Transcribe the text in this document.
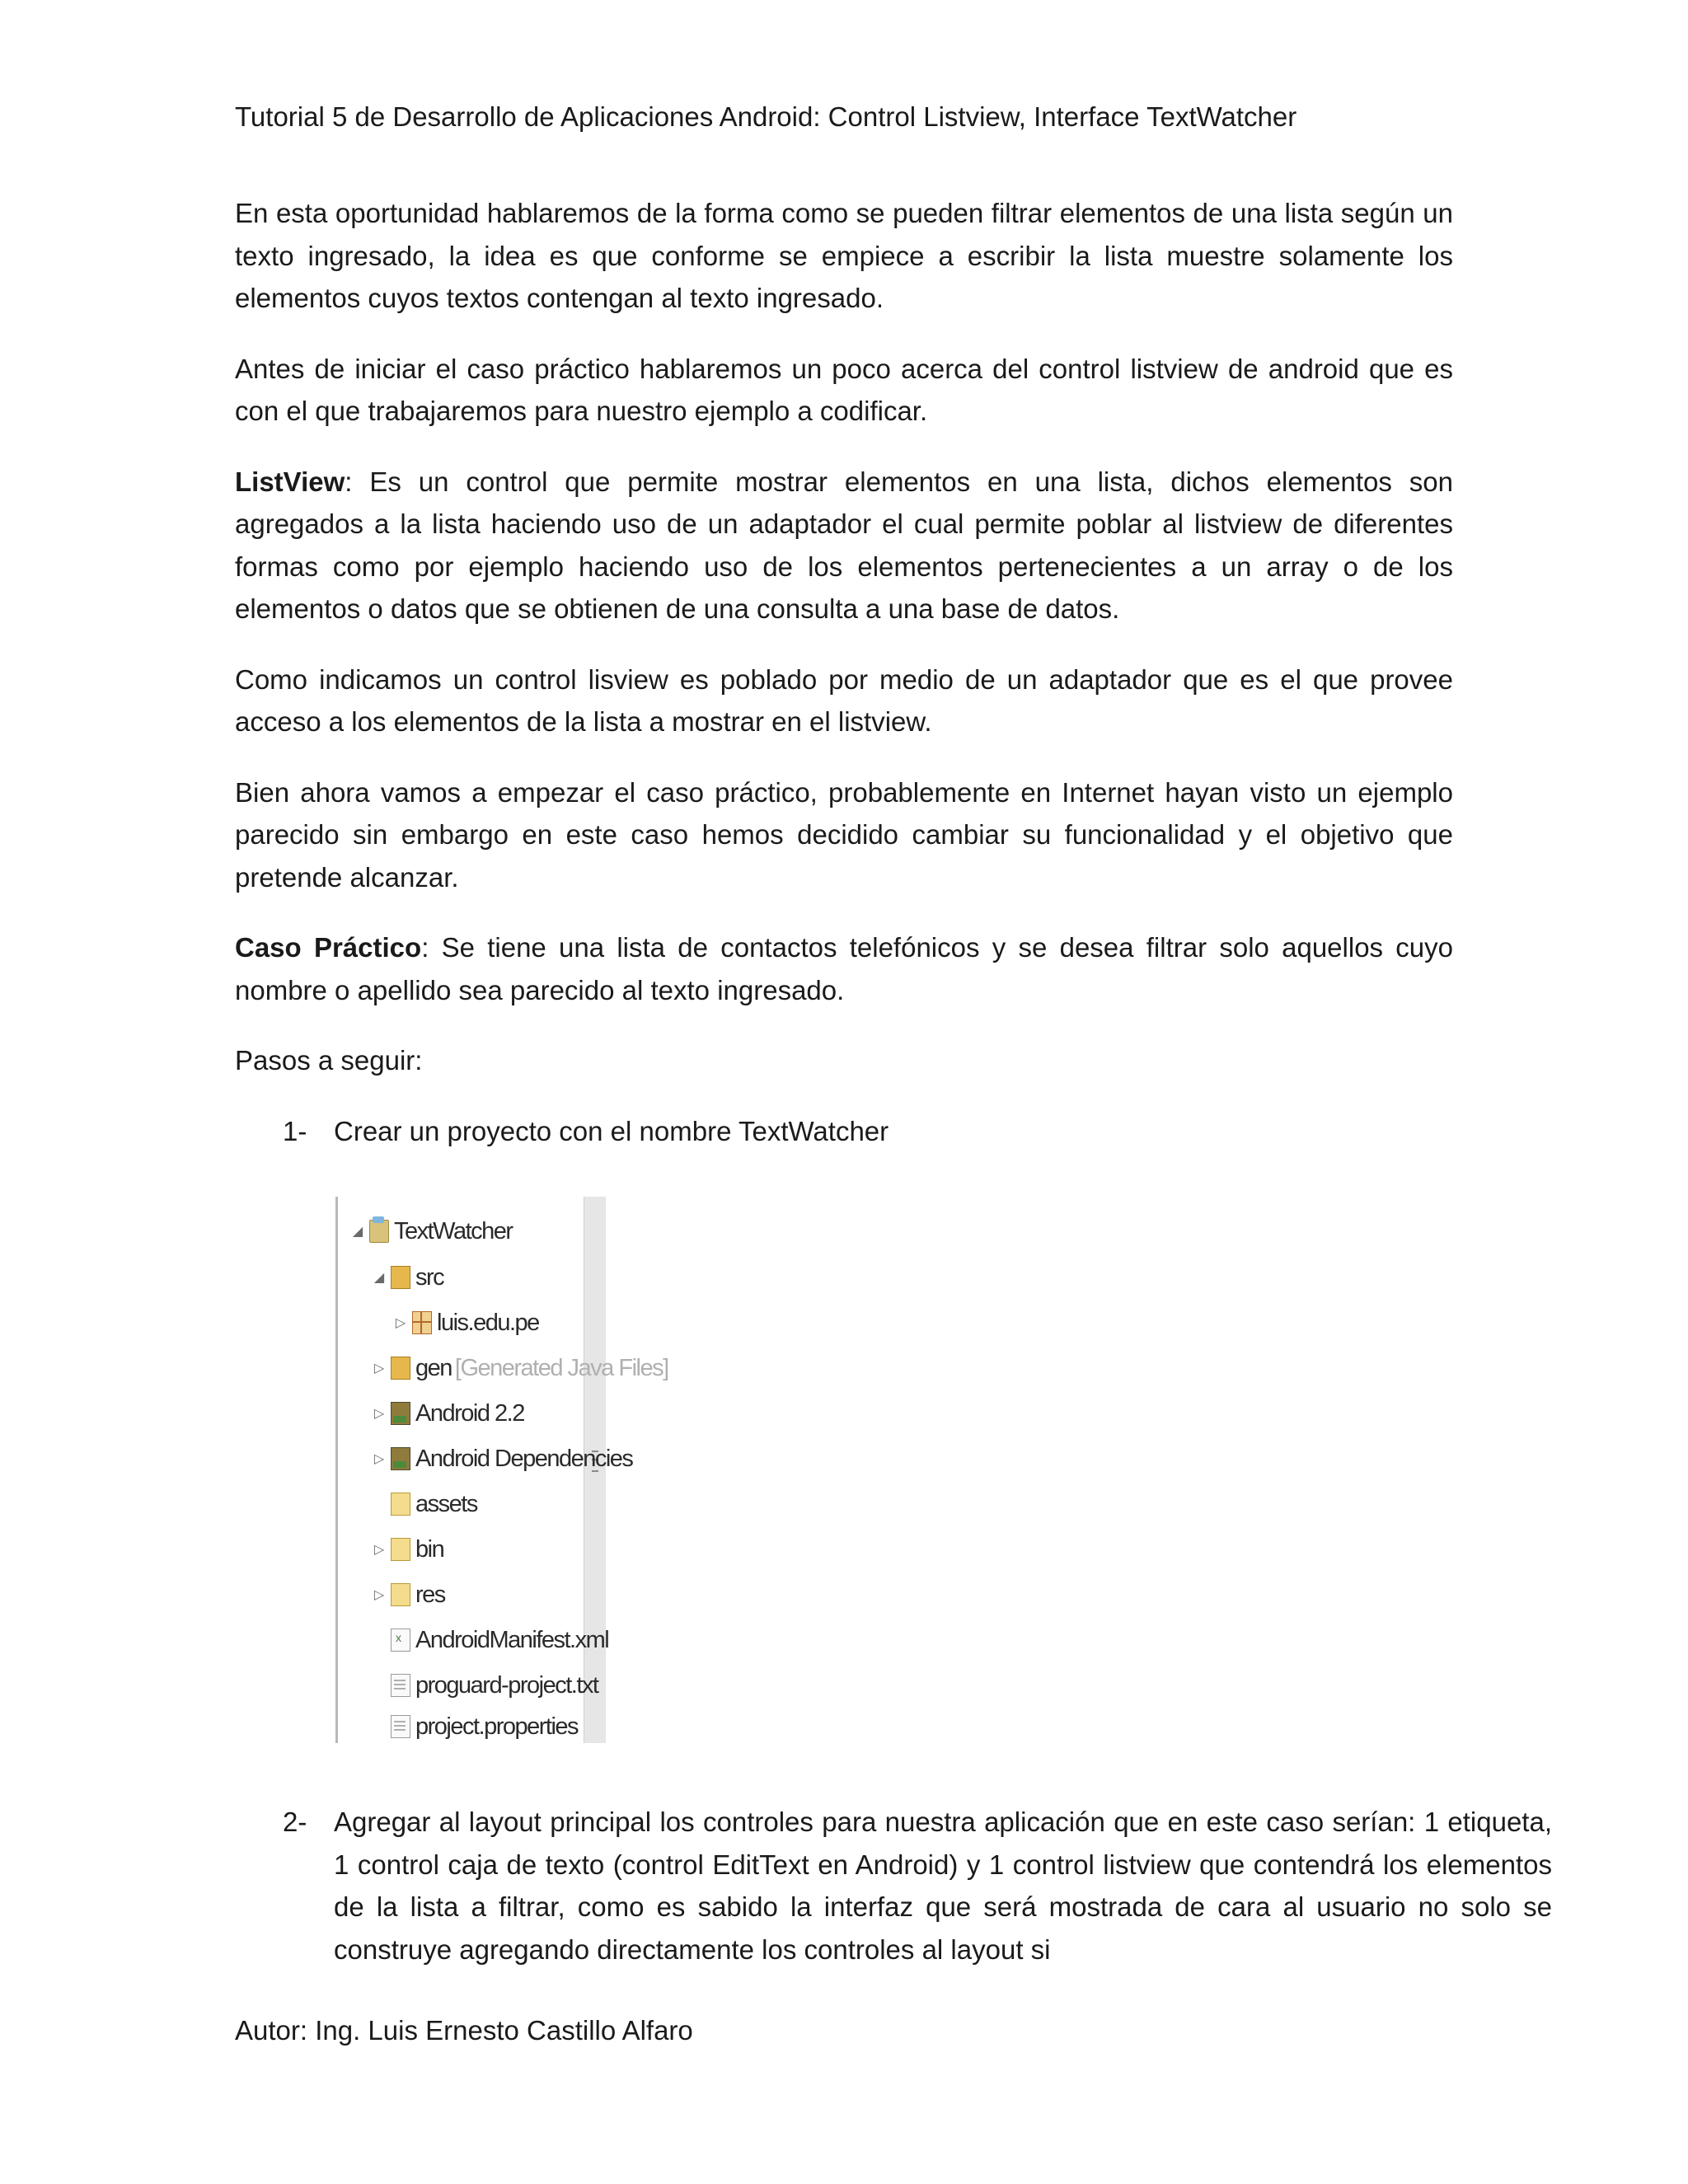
Tutorial 5 de Desarrollo de Aplicaciones Android: Control Listview, Interface TextWatcher

En esta oportunidad hablaremos de la forma como se pueden filtrar elementos de una lista según un texto ingresado, la idea es que conforme se empiece a escribir la lista muestre solamente los elementos cuyos textos contengan al texto ingresado.

Antes de iniciar el caso práctico hablaremos un poco acerca del control listview de android que es con el que trabajaremos para nuestro ejemplo a codificar.

ListView: Es un control que permite mostrar elementos en una lista, dichos elementos son agregados a la lista haciendo uso de un adaptador el cual permite poblar al listview de diferentes formas como por ejemplo haciendo uso de los elementos pertenecientes a un array o de los elementos o datos que se obtienen de una consulta a una base de datos.

Como indicamos un control lisview es poblado por medio de un adaptador que es el que provee acceso a los elementos de la lista a mostrar en el listview.

Bien ahora vamos a empezar el caso práctico, probablemente en Internet hayan visto un ejemplo parecido sin embargo en este caso hemos decidido cambiar su funcionalidad y el objetivo que pretende alcanzar.

Caso Práctico: Se tiene una lista de contactos telefónicos y se desea filtrar solo aquellos cuyo nombre o apellido sea parecido al texto ingresado.

Pasos a seguir:

1- Crear un proyecto con el nombre TextWatcher
2- Agregar al layout principal los controles para nuestra aplicación que en este caso serían: 1 etiqueta, 1 control caja de texto (control EditText en Android) y 1 control listview que contendrá los elementos de la lista a filtrar, como es sabido la interfaz que será mostrada de cara al usuario no solo se construye agregando directamente los controles al layout si
◢ TextWatcher
◢ src
▷ luis.edu.pe
▷ gen [Generated Java Files]
▷ Android 2.2
▷ Android Dependencies
assets
▷ bin
▷ res
x
AndroidManifest.xml
proguard-project.txt
project.properties
Autor: Ing. Luis Ernesto Castillo Alfaro
